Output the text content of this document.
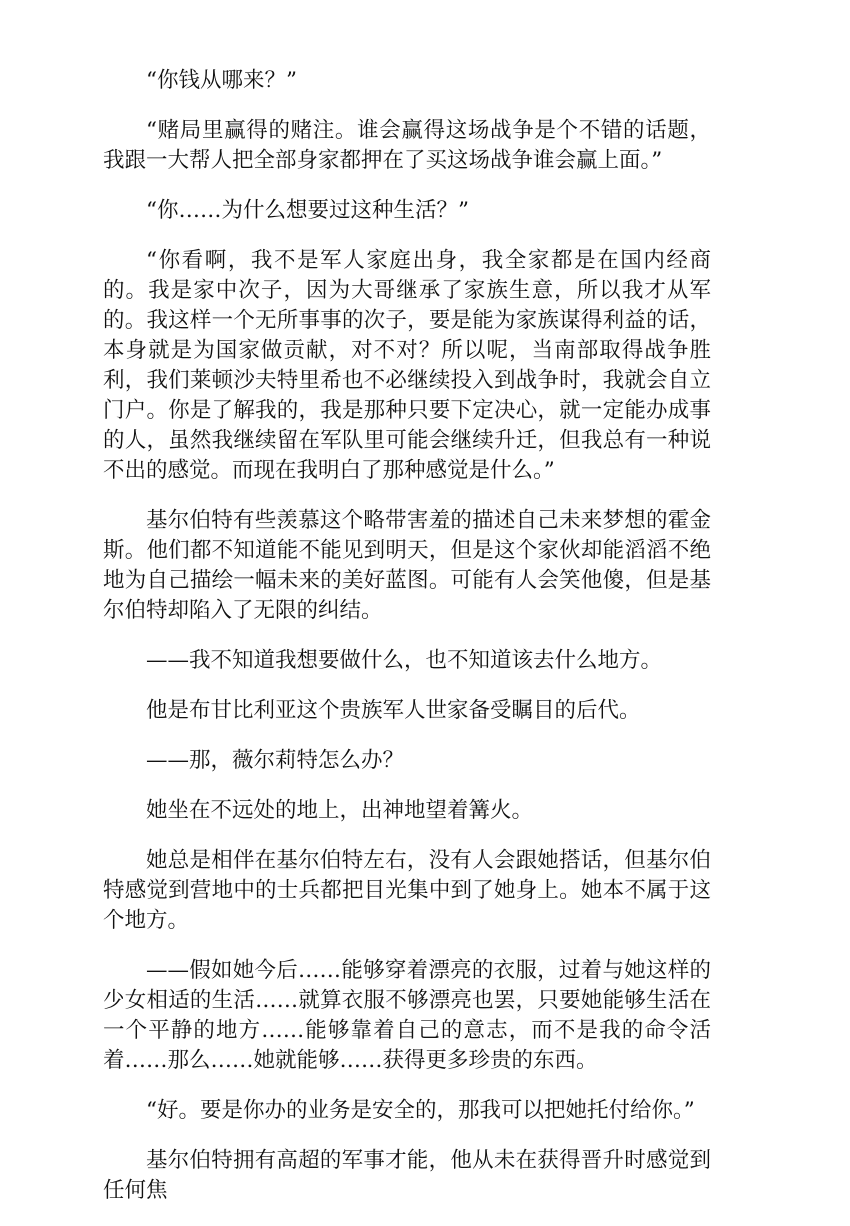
“你钱从哪来？”

“赌局里赢得的赌注。谁会赢得这场战争是个不错的话题，我跟一大帮人把全部身家都押在了买这场战争谁会赢上面。”

“你……为什么想要过这种生活？”

“你看啊，我不是军人家庭出身，我全家都是在国内经商的。我是家中次子，因为大哥继承了家族生意，所以我才从军的。我这样一个无所事事的次子，要是能为家族谋得利益的话，本身就是为国家做贡献，对不对？所以呢，当南部取得战争胜利，我们莱顿沙夫特里希也不必继续投入到战争时，我就会自立门户。你是了解我的，我是那种只要下定决心，就一定能办成事的人，虽然我继续留在军队里可能会继续升迁，但我总有一种说不出的感觉。而现在我明白了那种感觉是什么。”

基尔伯特有些羡慕这个略带害羞的描述自己未来梦想的霍金斯。他们都不知道能不能见到明天，但是这个家伙却能滔滔不绝地为自己描绘一幅未来的美好蓝图。可能有人会笑他傻，但是基尔伯特却陷入了无限的纠结。

——我不知道我想要做什么，也不知道该去什么地方。

他是布甘比利亚这个贵族军人世家备受瞩目的后代。

——那，薇尔莉特怎么办？

她坐在不远处的地上，出神地望着篝火。

她总是相伴在基尔伯特左右，没有人会跟她搭话，但基尔伯特感觉到营地中的士兵都把目光集中到了她身上。她本不属于这个地方。

——假如她今后……能够穿着漂亮的衣服，过着与她这样的少女相适的生活……就算衣服不够漂亮也罢，只要她能够生活在一个平静的地方……能够靠着自己的意志，而不是我的命令活着……那么……她就能够……获得更多珍贵的东西。

“好。要是你办的业务是安全的，那我可以把她托付给你。”

基尔伯特拥有高超的军事才能，他从未在获得晋升时感觉到任何焦
